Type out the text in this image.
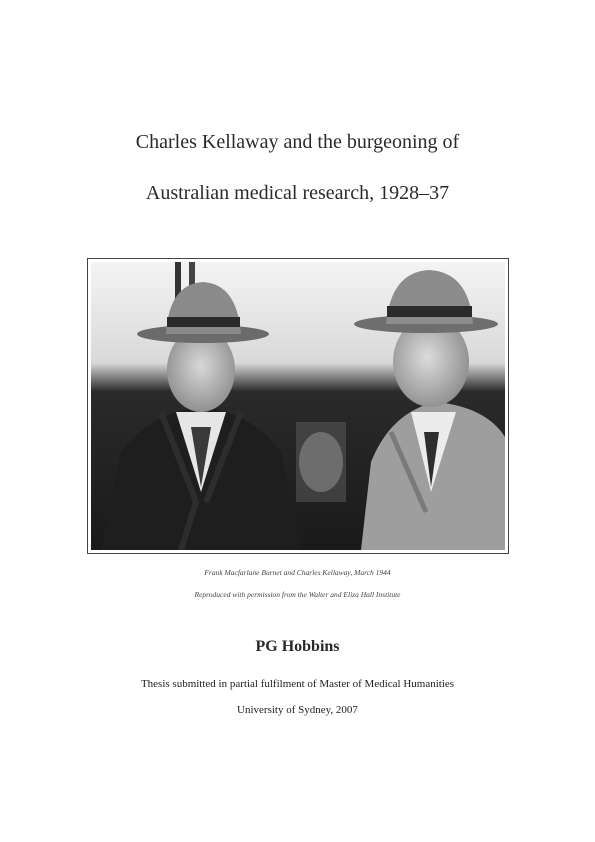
Charles Kellaway and the burgeoning of
Australian medical research, 1928–37
Frank Macfarlane Burnet and Charles Kellaway, March 1944
Reproduced with permission from the Walter and Eliza Hall Institute
PG Hobbins
Thesis submitted in partial fulfilment of Master of Medical Humanities
University of Sydney, 2007
